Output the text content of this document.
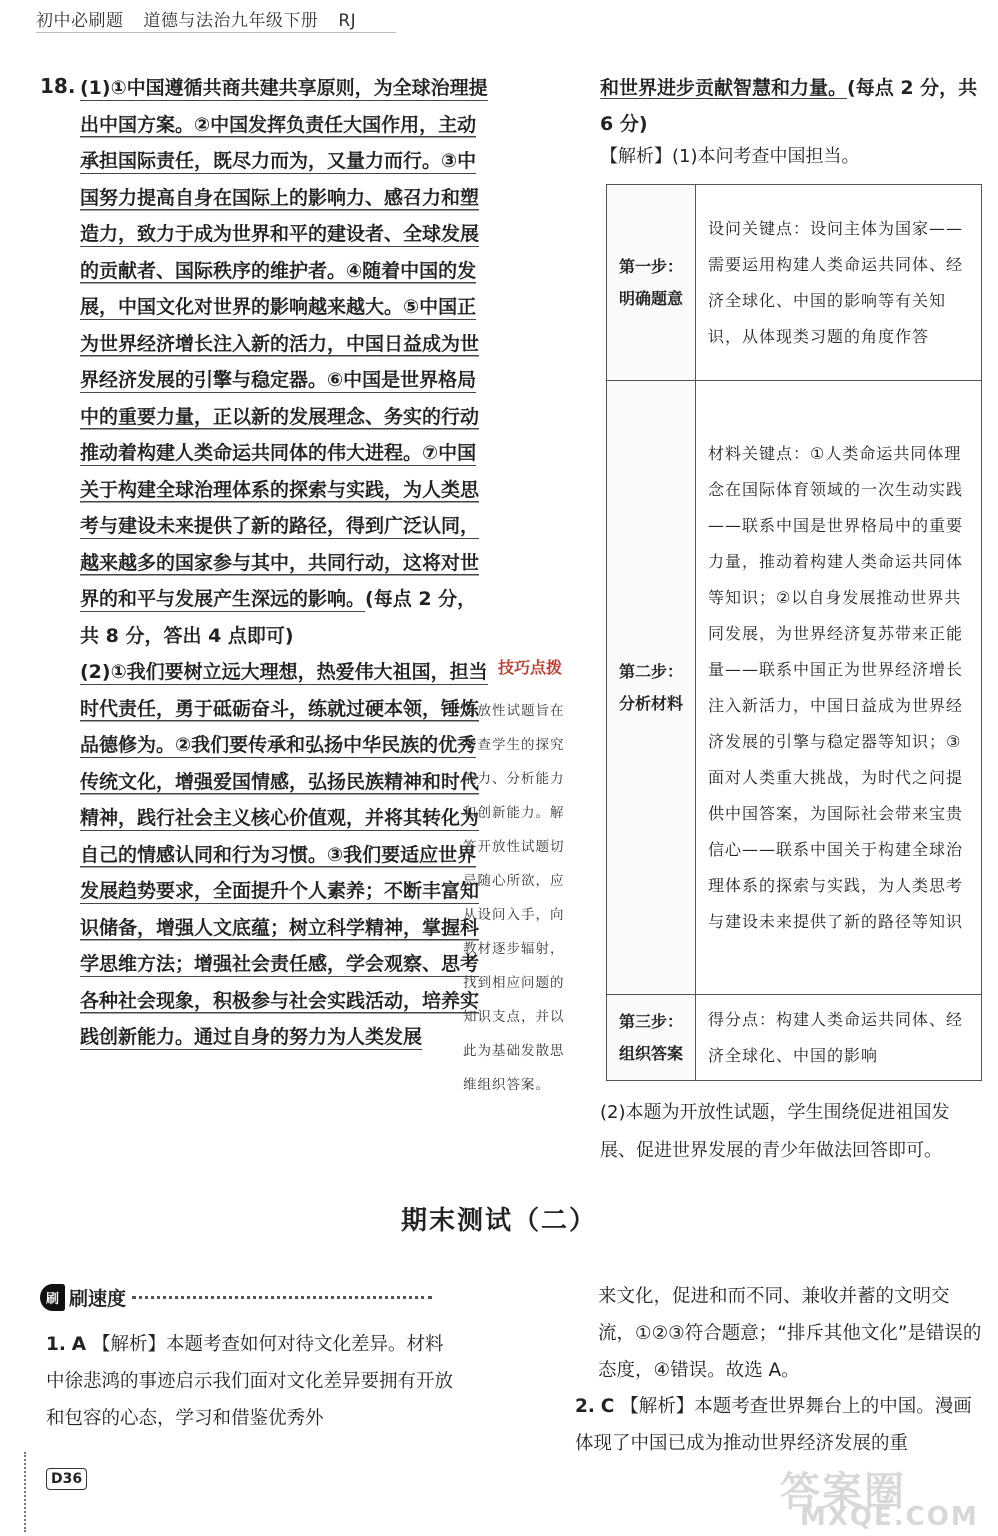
初中必刷题 道德与法治九年级下册 RJ
18. (1)①中国遵循共商共建共享原则，为全球治理提出中国方案。②中国发挥负责任大国作用，主动承担国际责任，既尽力而为，又量力而行。③中国努力提高自身在国际上的影响力、感召力和塑造力，致力于成为世界和平的建设者、全球发展的贡献者、国际秩序的维护者。④随着中国的发展，中国文化对世界的影响越来越大。⑤中国正为世界经济增长注入新的活力，中国日益成为世界经济发展的引擎与稳定器。⑥中国是世界格局中的重要力量，正以新的发展理念、务实的行动推动着构建人类命运共同体的伟大进程。⑦中国关于构建全球治理体系的探索与实践，为人类思考与建设未来提供了新的路径，得到广泛认同，越来越多的国家参与其中，共同行动，这将对世界的和平与发展产生深远的影响。(每点 2 分，共 8 分，答出 4 点即可)

(2)①我们要树立远大理想，热爱伟大祖国，担当时代责任，勇于砥砺奋斗，练就过硬本领，锤炼品德修为。②我们要传承和弘扬中华民族的优秀传统文化，增强爱国情感，弘扬民族精神和时代精神，践行社会主义核心价值观，并将其转化为自己的情感认同和行为习惯。③我们要适应世界发展趋势要求，全面提升个人素养；不断丰富知识储备，增强人文底蕴；树立科学精神，掌握科学思维方法；增强社会责任感，学会观察、思考各种社会现象，积极参与社会实践活动，培养实践创新能力。通过自身的努力为人类发展

技巧点拨
开放性试题旨在考查学生的探究能力、分析能力和创新能力。解答开放性试题切忌随心所欲，应从设问入手，向教材逐步辐射，找到相应问题的知识支点，并以此为基础发散思维组织答案。
和世界进步贡献智慧和力量。(每点 2 分，共 6 分)
【解析】(1)本问考查中国担当。
第一步：
明确题意	设问关键点：设问主体为国家——需要运用构建人类命运共同体、经济全球化、中国的影响等有关知识，从体现类习题的角度作答

第二步：
分析材料	材料关键点：①人类命运共同体理念在国际体育领域的一次生动实践——联系中国是世界格局中的重要力量，推动着构建人类命运共同体等知识；②以自身发展推动世界共同发展，为世界经济复苏带来正能量——联系中国正为世界经济增长注入新活力，中国日益成为世界经济发展的引擎与稳定器等知识；③面对人类重大挑战，为时代之问提供中国答案，为国际社会带来宝贵信心——联系中国关于构建全球治理体系的探索与实践，为人类思考与建设未来提供了新的路径等知识

第三步：
组织答案	得分点：构建人类命运共同体、经济全球化、中国的影响
(2)本题为开放性试题，学生围绕促进祖国发展、促进世界发展的青少年做法回答即可。
期末测试（二）
刷 刷速度
1. A 【解析】本题考查如何对待文化差异。材料中徐悲鸿的事迹启示我们面对文化差异要拥有开放和包容的心态，学习和借鉴优秀外
来文化，促进和而不同、兼收并蓄的文明交流，①②③符合题意；“排斥其他文化”是错误的态度，④错误。故选 A。
2. C 【解析】本题考查世界舞台上的中国。漫画体现了中国已成为推动世界经济发展的重
D36	答案圈
MXQE.COM
